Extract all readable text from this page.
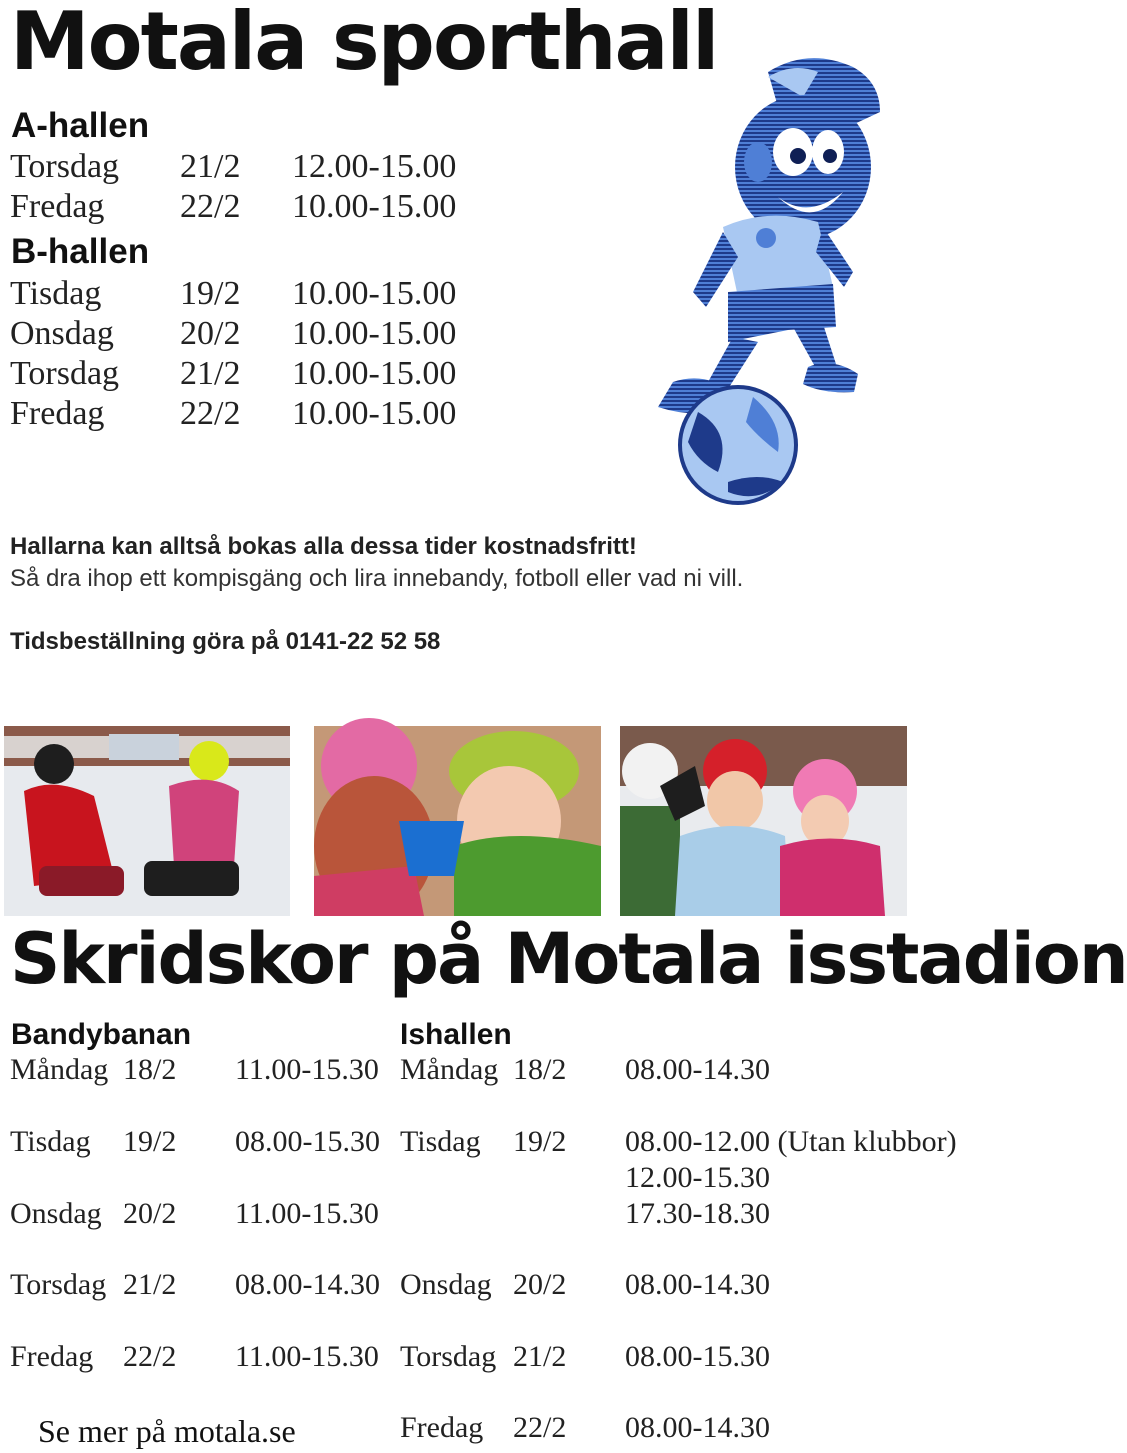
Motala sporthall
A-hallen
Torsdag 21/2 12.00-15.00
Fredag 22/2 10.00-15.00
B-hallen
Tisdag 19/2 10.00-15.00
Onsdag 20/2 10.00-15.00
Torsdag 21/2 10.00-15.00
Fredag 22/2 10.00-15.00
Hallarna kan alltså bokas alla dessa tider kostnadsfritt!
Så dra ihop ett kompisgäng och lira innebandy, fotboll eller vad ni vill.
Tidsbeställning göra på 0141-22 52 58
Skridskor på Motala isstadion
Bandybanan	Ishallen
Måndag 18/2 11.00-15.30
Tisdag 19/2 08.00-15.30
Onsdag 20/2 11.00-15.30
Torsdag 21/2 08.00-14.30
Fredag 22/2 11.00-15.30
Måndag 18/2 08.00-14.30
Tisdag 19/2 08.00-12.00 (Utan klubbor)
12.00-15.30
17.30-18.30
Onsdag 20/2 08.00-14.30
Torsdag 21/2 08.00-15.30
Fredag 22/2 08.00-14.30
Se mer på motala.se
